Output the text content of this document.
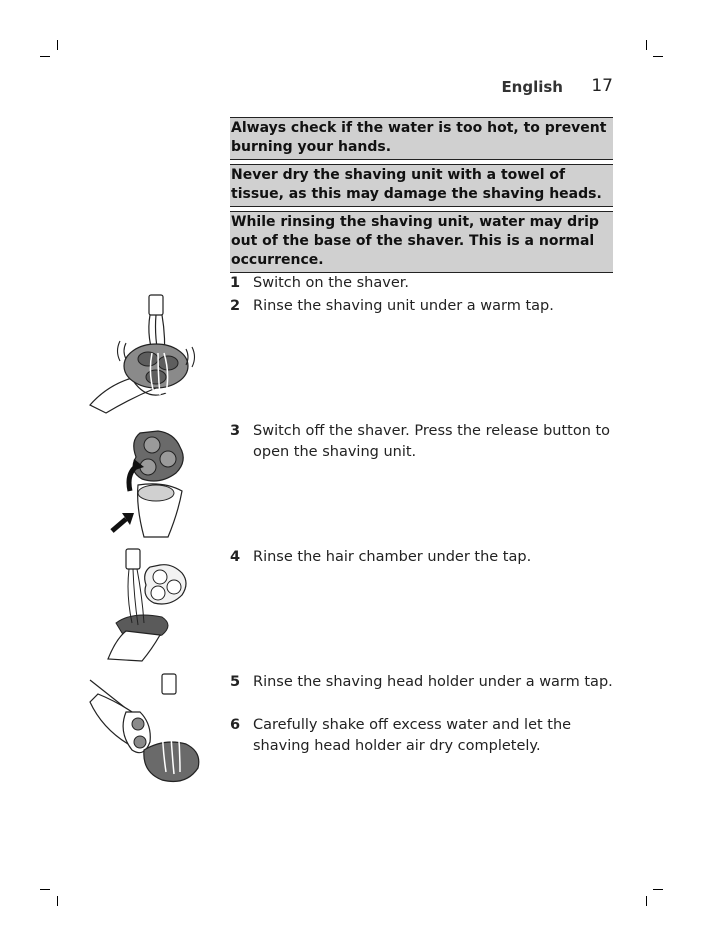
English 17
Always check if the water is too hot, to prevent burning your hands.
Never dry the shaving unit with a towel of tissue, as this may damage the shaving heads.
While rinsing the shaving unit, water may drip out of the base of the shaver. This is a normal occurrence.
1 Switch on the shaver.
2 Rinse the shaving unit under a warm tap.
3 Switch off the shaver. Press the release button to open the shaving unit.
4 Rinse the hair chamber under the tap.
5 Rinse the shaving head holder under a warm tap.
6 Carefully shake off excess water and let the shaving head holder air dry completely.
